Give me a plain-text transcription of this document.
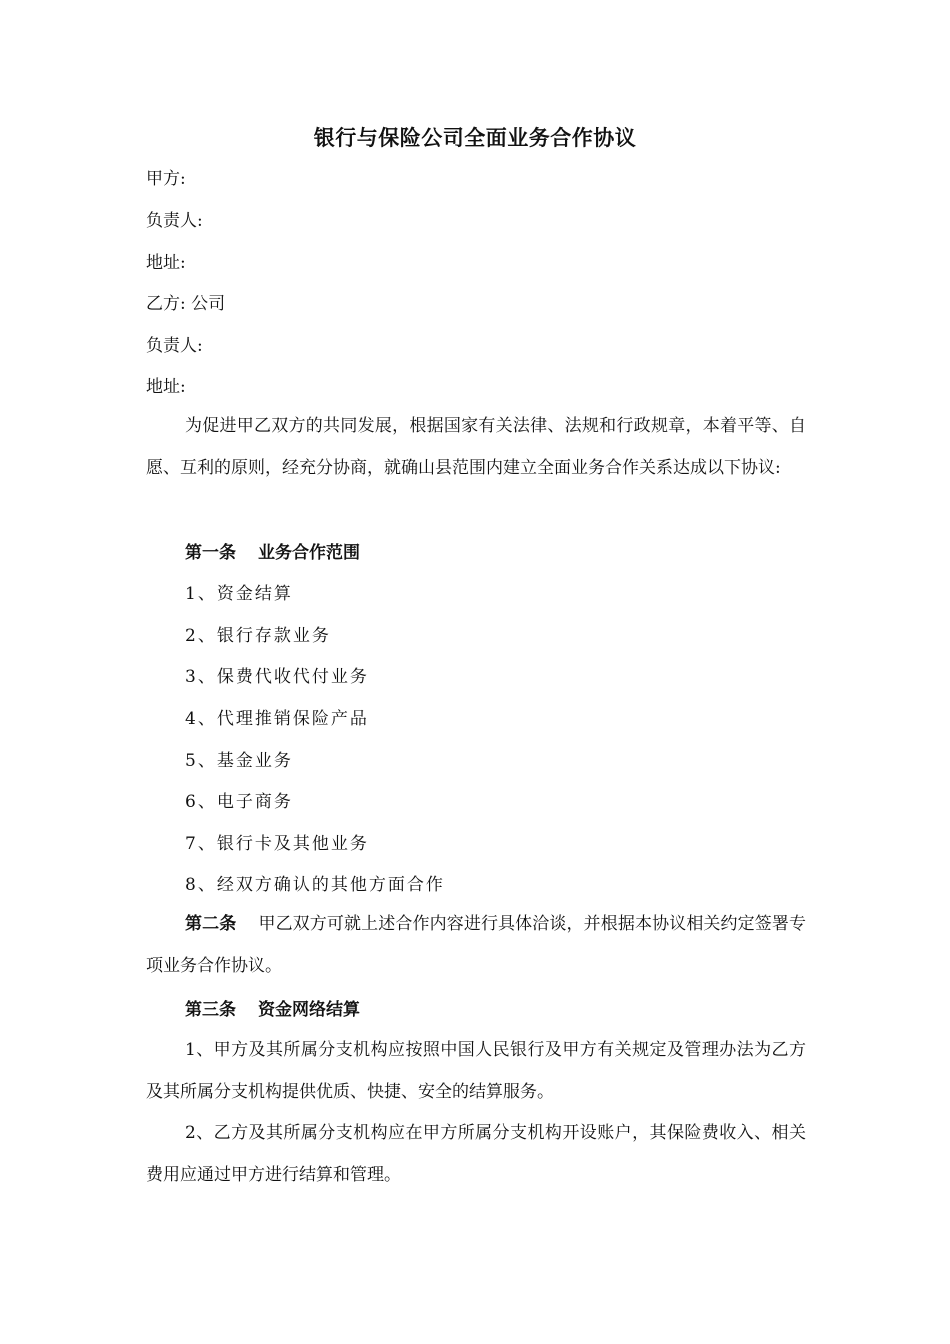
银行与保险公司全面业务合作协议
甲方:
负责人:
地址:
乙方: 公司
负责人:
地址:
为促进甲乙双方的共同发展，根据国家有关法律、法规和行政规章，本着平等、自愿、互利的原则，经充分协商，就确山县范围内建立全面业务合作关系达成以下协议:
第一条 业务合作范围
1、资金结算
2、银行存款业务
3、保费代收代付业务
4、代理推销保险产品
5、基金业务
6、电子商务
7、银行卡及其他业务
8、经双方确认的其他方面合作
第二条 甲乙双方可就上述合作内容进行具体洽谈，并根据本协议相关约定签署专项业务合作协议。
第三条 资金网络结算
1、甲方及其所属分支机构应按照中国人民银行及甲方有关规定及管理办法为乙方及其所属分支机构提供优质、快捷、安全的结算服务。
2、乙方及其所属分支机构应在甲方所属分支机构开设账户，其保险费收入、相关费用应通过甲方进行结算和管理。
